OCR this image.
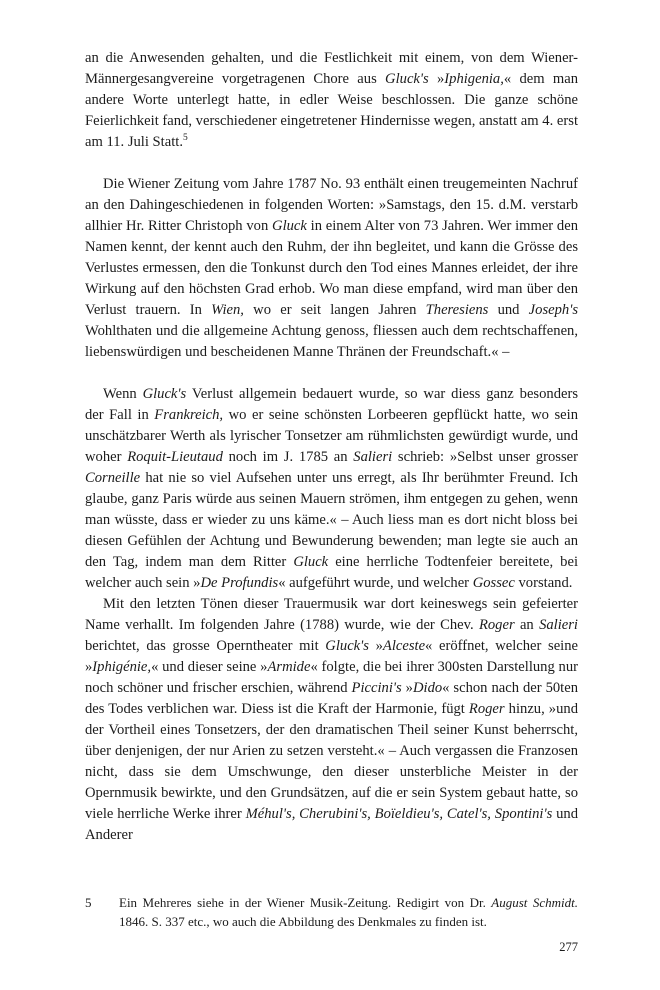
an die Anwesenden gehalten, und die Festlichkeit mit einem, von dem Wiener-Männergesangvereine vorgetragenen Chore aus Gluck's »Iphigenia,« dem man andere Worte unterlegt hatte, in edler Weise beschlossen. Die ganze schöne Feierlichkeit fand, verschiedener eingetretener Hindernisse wegen, anstatt am 4. erst am 11. Juli Statt.$^5$

Die Wiener Zeitung vom Jahre 1787 No. 93 enthält einen treugemeinten Nachruf an den Dahingeschiedenen in folgenden Worten: »Samstags, den 15. d.M. verstarb allhier Hr. Ritter Christoph von Gluck in einem Alter von 73 Jahren. Wer immer den Namen kennt, der kennt auch den Ruhm, der ihn begleitet, und kann die Grösse des Verlustes ermessen, den die Tonkunst durch den Tod eines Mannes erleidet, der ihre Wirkung auf den höchsten Grad erhob. Wo man diese empfand, wird man über den Verlust trauern. In Wien, wo er seit langen Jahren Theresiens und Joseph's Wohlthaten und die allgemeine Achtung genoss, fliessen auch dem rechtschaffenen, liebenswürdigen und bescheidenen Manne Thränen der Freundschaft.« –

Wenn Gluck's Verlust allgemein bedauert wurde, so war diess ganz besonders der Fall in Frankreich, wo er seine schönsten Lorbeeren gepflückt hatte, wo sein unschätzbarer Werth als lyrischer Tonsetzer am rühmlichsten gewürdigt wurde, und woher Roquit-Lieutaud noch im J. 1785 an Salieri schrieb: »Selbst unser grosser Corneille hat nie so viel Aufsehen unter uns erregt, als Ihr berühmter Freund. Ich glaube, ganz Paris würde aus seinen Mauern strömen, ihm entgegen zu gehen, wenn man wüsste, dass er wieder zu uns käme.« – Auch liess man es dort nicht bloss bei diesen Gefühlen der Achtung und Bewunderung bewenden; man legte sie auch an den Tag, indem man dem Ritter Gluck eine herrliche Todtenfeier bereitete, bei welcher auch sein »De Profundis« aufgeführt wurde, und welcher Gossec vorstand.

Mit den letzten Tönen dieser Trauermusik war dort keineswegs sein gefeierter Name verhallt. Im folgenden Jahre (1788) wurde, wie der Chev. Roger an Salieri berichtet, das grosse Operntheater mit Gluck's »Alceste« eröffnet, welcher seine »Iphigénie,« und dieser seine »Armide« folgte, die bei ihrer 300sten Darstellung nur noch schöner und frischer erschien, während Piccini's »Dido« schon nach der 50ten des Todes verblichen war. Diess ist die Kraft der Harmonie, fügt Roger hinzu, »und der Vortheil eines Tonsetzers, der den dramatischen Theil seiner Kunst beherrscht, über denjenigen, der nur Arien zu setzen versteht.« – Auch vergassen die Franzosen nicht, dass sie dem Umschwunge, den dieser unsterbliche Meister in der Opernmusik bewirkte, und den Grundsätzen, auf die er sein System gebaut hatte, so viele herrliche Werke ihrer Méhul's, Cherubini's, Boïeldieu's, Catel's, Spontini's und Anderer

5	Ein Mehreres siehe in der Wiener Musik-Zeitung. Redigirt von Dr. August Schmidt. 1846. S. 337 etc., wo auch die Abbildung des Denkmales zu finden ist.
277
